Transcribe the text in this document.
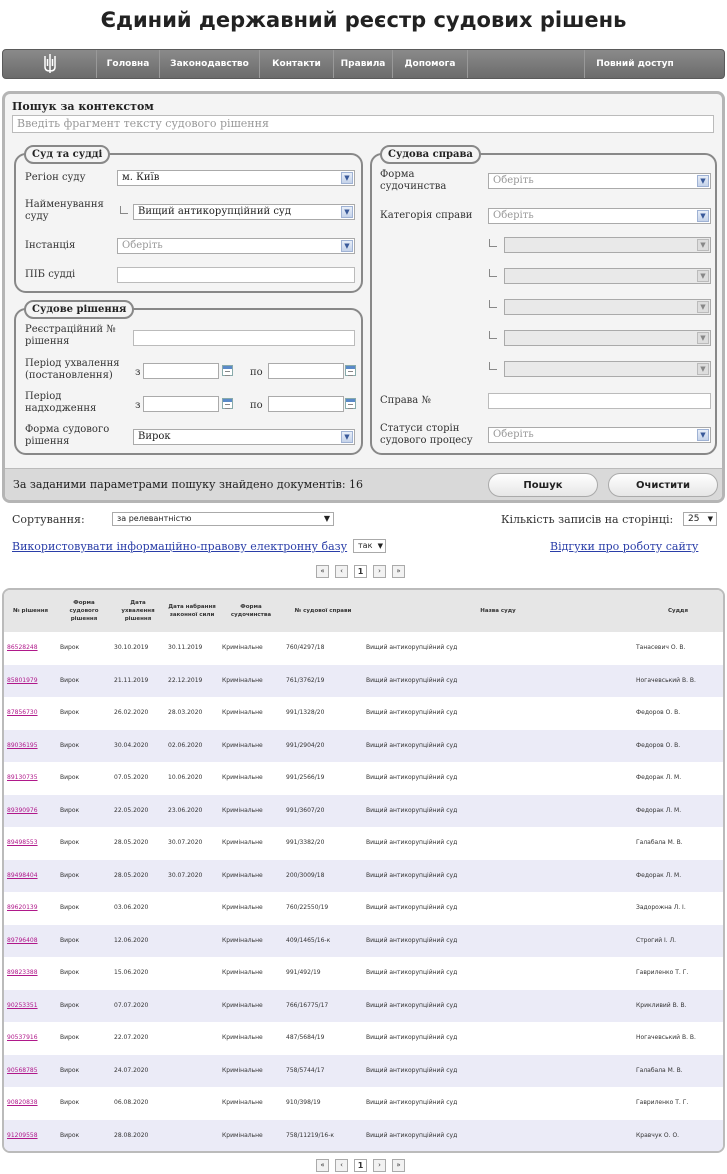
Єдиний державний реєстр судових рішень
Головна	Законодавство	Контакти	Правила	Допомога	Повний доступ
Пошук за контекстом
Введіть фрагмент тексту судового рішення
Суд та судді
Регіон суду	м. Київ	▼
Найменування суду	Вищий антикорупційний суд	▼
Інстанція	Оберіть	▼
ПІБ судді
Судове рішення
Реєстраційний № рішення
Період ухвалення (постановлення)	з	по
Період надходження	з	по
Форма судового рішення	Вирок	▼
Судова справа
Форма судочинства
Оберіть	▼
Категорія справи	Оберіть	▼
▼
▼
▼
▼
▼
Справа №
Статуси сторін судового процесу
Оберіть	▼
За заданими параметрами пошуку знайдено документів: 16	Пошук	Очистити
Сортування:	за релевантністю	▼	Кількість записів на сторінці:	25 ▼
Використовувати інформаційно-правову електронну базу	так ▼	Відгуки про роботу сайту
«	‹	1	›	»
№ рішення	Форма судового рішення	Дата ухвалення рішення	Дата набрання законної сили	Форма судочинства	№ судової справи	Назва суду	Суддя
86528248	Вирок	30.10.2019	30.11.2019	Кримінальне	760/4297/18	Вищий антикорупційний суд	Танасевич О. В.
85801979	Вирок	21.11.2019	22.12.2019	Кримінальне	761/3762/19	Вищий антикорупційний суд	Ногачевський В. В.
87856730	Вирок	26.02.2020	28.03.2020	Кримінальне	991/1328/20	Вищий антикорупційний суд	Федоров О. В.
89036195	Вирок	30.04.2020	02.06.2020	Кримінальне	991/2904/20	Вищий антикорупційний суд	Федоров О. В.
89130735	Вирок	07.05.2020	10.06.2020	Кримінальне	991/2566/19	Вищий антикорупційний суд	Федорак Л. М.
89390976	Вирок	22.05.2020	23.06.2020	Кримінальне	991/3607/20	Вищий антикорупційний суд	Федорак Л. М.
89498553	Вирок	28.05.2020	30.07.2020	Кримінальне	991/3382/20	Вищий антикорупційний суд	Галабала М. В.
89498404	Вирок	28.05.2020	30.07.2020	Кримінальне	200/3009/18	Вищий антикорупційний суд	Федорак Л. М.
89620139	Вирок	03.06.2020		Кримінальне	760/22550/19	Вищий антикорупційний суд	Задорожна Л. І.
89796408	Вирок	12.06.2020		Кримінальне	409/1465/16-к	Вищий антикорупційний суд	Строгий І. Л.
89823388	Вирок	15.06.2020		Кримінальне	991/492/19	Вищий антикорупційний суд	Гавриленко Т. Г.
90253351	Вирок	07.07.2020		Кримінальне	766/16775/17	Вищий антикорупційний суд	Крикливий В. В.
90537916	Вирок	22.07.2020		Кримінальне	487/5684/19	Вищий антикорупційний суд	Ногачевський В. В.
90568785	Вирок	24.07.2020		Кримінальне	758/5744/17	Вищий антикорупційний суд	Галабала М. В.
90820838	Вирок	06.08.2020		Кримінальне	910/398/19	Вищий антикорупційний суд	Гавриленко Т. Г.
91209558	Вирок	28.08.2020		Кримінальне	758/11219/16-к	Вищий антикорупційний суд	Кравчук О. О.
«	‹	1	›	»
